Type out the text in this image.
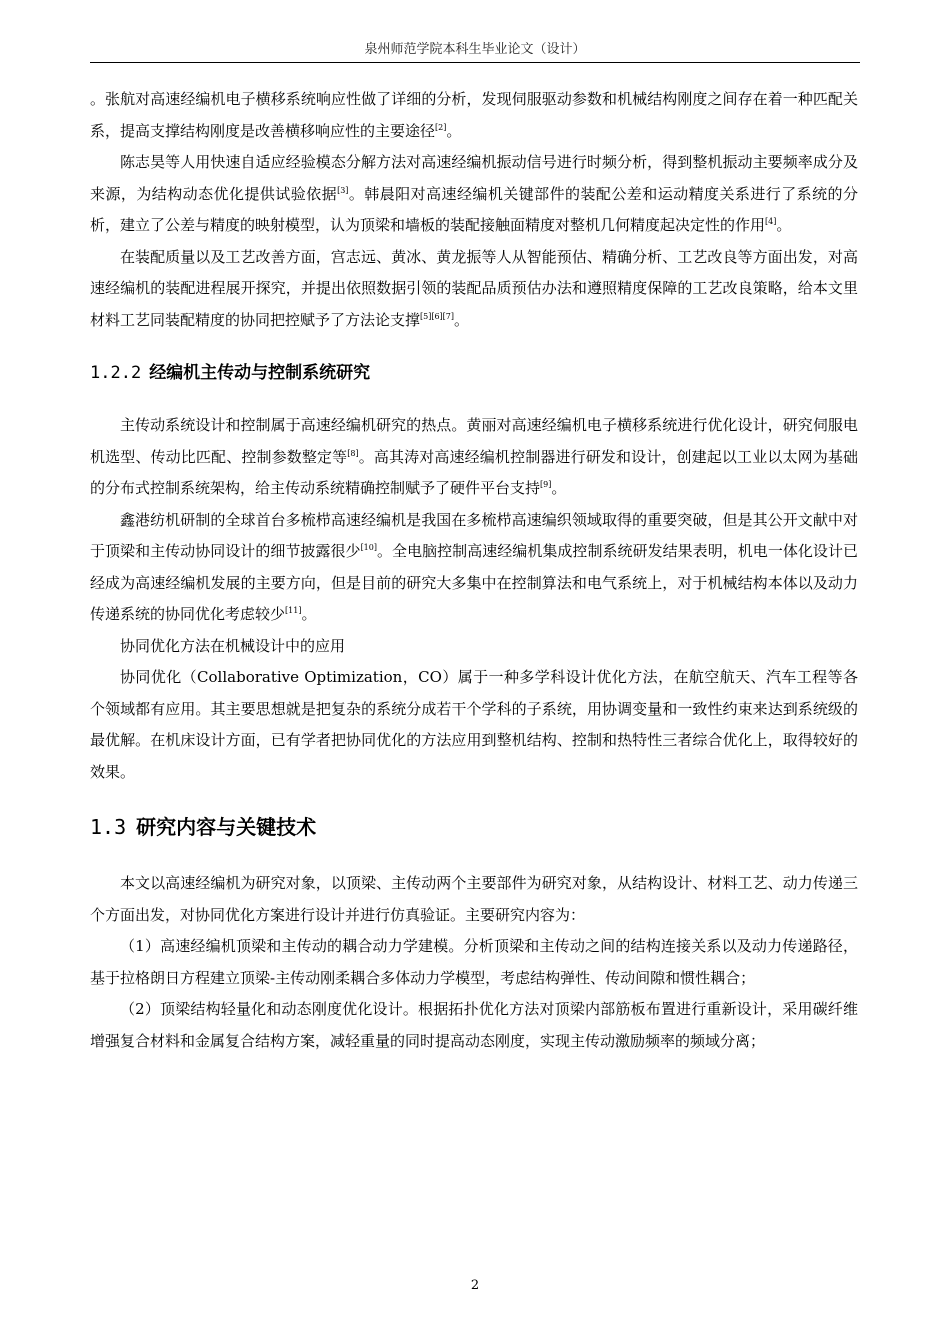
泉州师范学院本科生毕业论文（设计）

。张航对高速经编机电子横移系统响应性做了详细的分析，发现伺服驱动参数和机械结构刚度之间存在着一种匹配关系，提高支撑结构刚度是改善横移响应性的主要途径[2]。

陈志昊等人用快速自适应经验模态分解方法对高速经编机振动信号进行时频分析，得到整机振动主要频率成分及来源，为结构动态优化提供试验依据[3]。韩晨阳对高速经编机关键部件的装配公差和运动精度关系进行了系统的分析，建立了公差与精度的映射模型，认为顶梁和墙板的装配接触面精度对整机几何精度起决定性的作用[4]。

在装配质量以及工艺改善方面，宫志远、黄冰、黄龙振等人从智能预估、精确分析、工艺改良等方面出发，对高速经编机的装配进程展开探究，并提出依照数据引领的装配品质预估办法和遵照精度保障的工艺改良策略，给本文里材料工艺同装配精度的协同把控赋予了方法论支撑[5][6][7]。

1.2.2 经编机主传动与控制系统研究

主传动系统设计和控制属于高速经编机研究的热点。黄丽对高速经编机电子横移系统进行优化设计，研究伺服电机选型、传动比匹配、控制参数整定等[8]。高其涛对高速经编机控制器进行研发和设计，创建起以工业以太网为基础的分布式控制系统架构，给主传动系统精确控制赋予了硬件平台支持[9]。

鑫港纺机研制的全球首台多梳栉高速经编机是我国在多梳栉高速编织领域取得的重要突破，但是其公开文献中对于顶梁和主传动协同设计的细节披露很少[10]。全电脑控制高速经编机集成控制系统研发结果表明，机电一体化设计已经成为高速经编机发展的主要方向，但是目前的研究大多集中在控制算法和电气系统上，对于机械结构本体以及动力传递系统的协同优化考虑较少[11]。

协同优化方法在机械设计中的应用

协同优化（Collaborative Optimization，CO）属于一种多学科设计优化方法，在航空航天、汽车工程等各个领域都有应用。其主要思想就是把复杂的系统分成若干个学科的子系统，用协调变量和一致性约束来达到系统级的最优解。在机床设计方面，已有学者把协同优化的方法应用到整机结构、控制和热特性三者综合优化上，取得较好的效果。

1.3 研究内容与关键技术

本文以高速经编机为研究对象，以顶梁、主传动两个主要部件为研究对象，从结构设计、材料工艺、动力传递三个方面出发，对协同优化方案进行设计并进行仿真验证。主要研究内容为：

（1）高速经编机顶梁和主传动的耦合动力学建模。分析顶梁和主传动之间的结构连接关系以及动力传递路径，基于拉格朗日方程建立顶梁-主传动刚柔耦合多体动力学模型，考虑结构弹性、传动间隙和惯性耦合；

（2）顶梁结构轻量化和动态刚度优化设计。根据拓扑优化方法对顶梁内部筋板布置进行重新设计，采用碳纤维增强复合材料和金属复合结构方案，减轻重量的同时提高动态刚度，实现主传动激励频率的频域分离；

2
